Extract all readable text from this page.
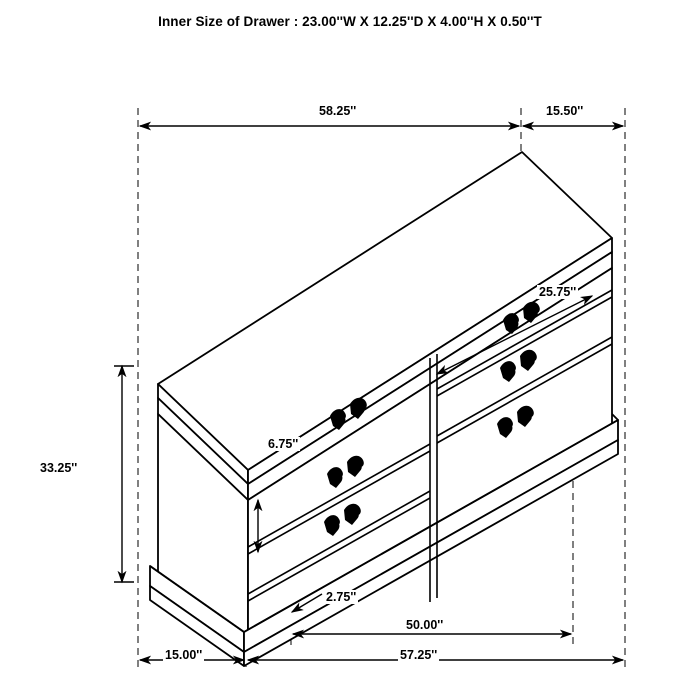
Inner Size of Drawer : 23.00''W X 12.25''D X 4.00''H X 0.50''T
58.25''	15.50''
25.75''
6.75''
33.25''
2.75''
50.00''
15.00''	57.25''
